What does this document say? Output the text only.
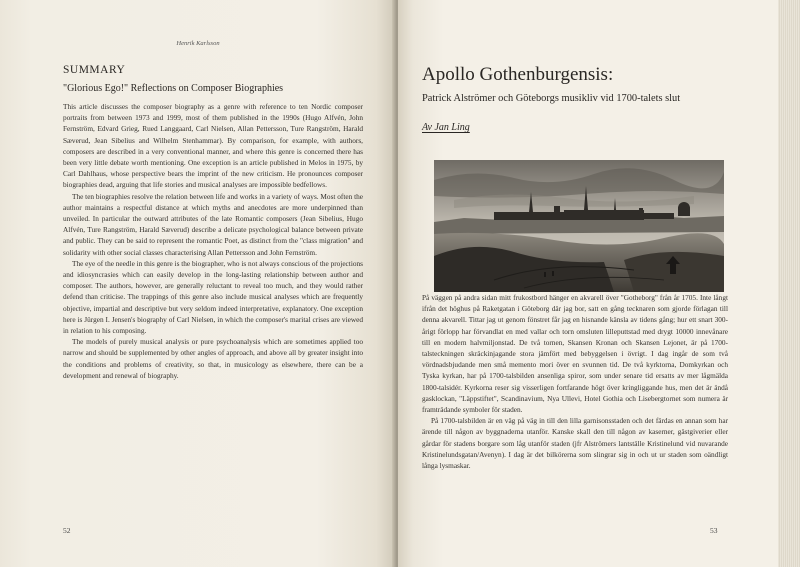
Henrik Karlsson
SUMMARY
"Glorious Ego!" Reflections on Composer Biographies

This article discusses the composer biography as a genre with reference to ten Nordic composer portraits from between 1973 and 1999, most of them published in the 1990s (Hugo Alfvén, John Fernström, Edvard Grieg, Rued Langgaard, Carl Nielsen, Allan Pettersson, Ture Rangström, Harald Sæverud, Jean Sibelius and Wilhelm Stenhammar). By comparison, for example, with authors, composers are described in a very conventional manner, and where this genre is concerned there has been very little debate worth mentioning. One exception is an article published in Melos in 1975, by Carl Dahlhaus, whose perspective bears the imprint of the new criticism. He pronounces composer biographies dead, arguing that life stories and musical analyses are impossible bedfellows.

The ten biographies resolve the relation between life and works in a variety of ways. Most often the author maintains a respectful distance at which myths and anecdotes are more underpinned than unveiled. In particular the outward attributes of the late Romantic composers (Jean Sibelius, Hugo Alfvén, Ture Rangström, Harald Sæverud) describe a delicate psychological balance between private and public. They can be said to represent the romantic Poet, as distinct from the "class migration" and solidarity with other social classes characterising Allan Pettersson and John Fernström.

The eye of the needle in this genre is the biographer, who is not always conscious of the projections and idiosyncrasies which can easily develop in the long-lasting relationship between author and composer. The authors, however, are generally reluctant to reveal too much, and they would rather defend than criticise. The trappings of this genre also include musical analyses which are frequently objective, impartial and descriptive but very seldom indeed interpretative, explanatory. One exception here is Jürgen I. Jensen's biography of Carl Nielsen, in which the composer's marital crises are viewed in relation to his composing.

The models of purely musical analysis or pure psychoanalysis which are sometimes applied too narrow and should be supplemented by other angles of approach, and above all by greater insight into the conditions and problems of creativity, so that, in musicology as elsewhere, there can be a development and renewal of biography.

52
Apollo Gothenburgensis:
Patrick Alströmer och Göteborgs musikliv vid 1700-talets slut
Av Jan Ling

På väggen på andra sidan mitt frukostbord hänger en akvarell över "Gotheborg" från år 1705. Inte långt ifrån det höghus på Raketgatan i Göteborg där jag bor, satt en gång tecknaren som gjorde förlagan till denna akvarell. Tittar jag ut genom fönstret får jag en hisnande känsla av tidens gång; hur ett snart 300-årigt förlopp har förvandlat en med vallar och torn omsluten lilleputtstad med drygt 10000 innevånare till en modern halvmiljonstad. De två tornen, Skansen Kronan och Skansen Lejonet, är på 1700-talsteckningen skräckinjagande stora jämfört med bebyggelsen i övrigt. I dag ingår de som två vördnadsbjudande men små memento mori över en svunnen tid. De två kyrktorna, Domkyrkan och Tyska kyrkan, har på 1700-talsbilden ansenliga spiror, som under senare tid ersatts av mer lågmälda 1800-talsidér. Kyrkorna reser sig visserligen fortfarande högt över kringliggande hus, men det är ändå gasklockan, "Läppstiftet", Scandinavium, Nya Ullevi, Hotel Gothia och Lisebergtornet som numera är framträdande symboler för staden.

På 1700-talsbilden är en väg på väg in till den lilla garnisonsstaden och det färdas en annan som har ärende till någon av byggnaderna utanför. Kanske skall den till någon av kaserner, gästgiverier eller gårdar för stadens borgare som låg utanför staden (jfr Alströmers lantställe Kristinelund vid nuvarande Kristinelundsgatan/Avenyn). I dag är det bilkörerna som slingrar sig in och ut ur staden som oändligt långa lysmaskar.

53
